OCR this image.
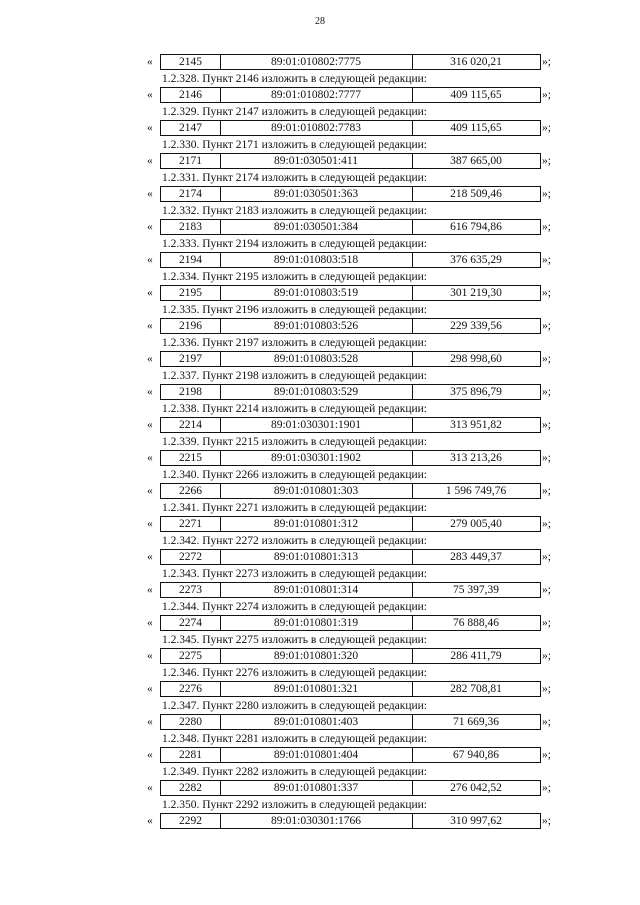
28
«	2145	89:01:010802:7775	316 020,21	»;
1.2.328. Пункт 2146 изложить в следующей редакции:
«	2146	89:01:010802:7777	409 115,65	»;
1.2.329. Пункт 2147 изложить в следующей редакции:
«	2147	89:01:010802:7783	409 115,65	»;
1.2.330. Пункт 2171 изложить в следующей редакции:
«	2171	89:01:030501:411	387 665,00	»;
1.2.331. Пункт 2174 изложить в следующей редакции:
«	2174	89:01:030501:363	218 509,46	»;
1.2.332. Пункт 2183 изложить в следующей редакции:
«	2183	89:01:030501:384	616 794,86	»;
1.2.333. Пункт 2194 изложить в следующей редакции:
«	2194	89:01:010803:518	376 635,29	»;
1.2.334. Пункт 2195 изложить в следующей редакции:
«	2195	89:01:010803:519	301 219,30	»;
1.2.335. Пункт 2196 изложить в следующей редакции:
«	2196	89:01:010803:526	229 339,56	»;
1.2.336. Пункт 2197 изложить в следующей редакции:
«	2197	89:01:010803:528	298 998,60	»;
1.2.337. Пункт 2198 изложить в следующей редакции:
«	2198	89:01:010803:529	375 896,79	»;
1.2.338. Пункт 2214 изложить в следующей редакции:
«	2214	89:01:030301:1901	313 951,82	»;
1.2.339. Пункт 2215 изложить в следующей редакции:
«	2215	89:01:030301:1902	313 213,26	»;
1.2.340. Пункт 2266 изложить в следующей редакции:
«	2266	89:01:010801:303	1 596 749,76	»;
1.2.341. Пункт 2271 изложить в следующей редакции:
«	2271	89:01:010801:312	279 005,40	»;
1.2.342. Пункт 2272 изложить в следующей редакции:
«	2272	89:01:010801:313	283 449,37	»;
1.2.343. Пункт 2273 изложить в следующей редакции:
«	2273	89:01:010801:314	75 397,39	»;
1.2.344. Пункт 2274 изложить в следующей редакции:
«	2274	89:01:010801:319	76 888,46	»;
1.2.345. Пункт 2275 изложить в следующей редакции:
«	2275	89:01:010801:320	286 411,79	»;
1.2.346. Пункт 2276 изложить в следующей редакции:
«	2276	89:01:010801:321	282 708,81	»;
1.2.347. Пункт 2280 изложить в следующей редакции:
«	2280	89:01:010801:403	71 669,36	»;
1.2.348. Пункт 2281 изложить в следующей редакции:
«	2281	89:01:010801:404	67 940,86	»;
1.2.349. Пункт 2282 изложить в следующей редакции:
«	2282	89:01:010801:337	276 042,52	»;
1.2.350. Пункт 2292 изложить в следующей редакции:
«	2292	89:01:030301:1766	310 997,62	»;
